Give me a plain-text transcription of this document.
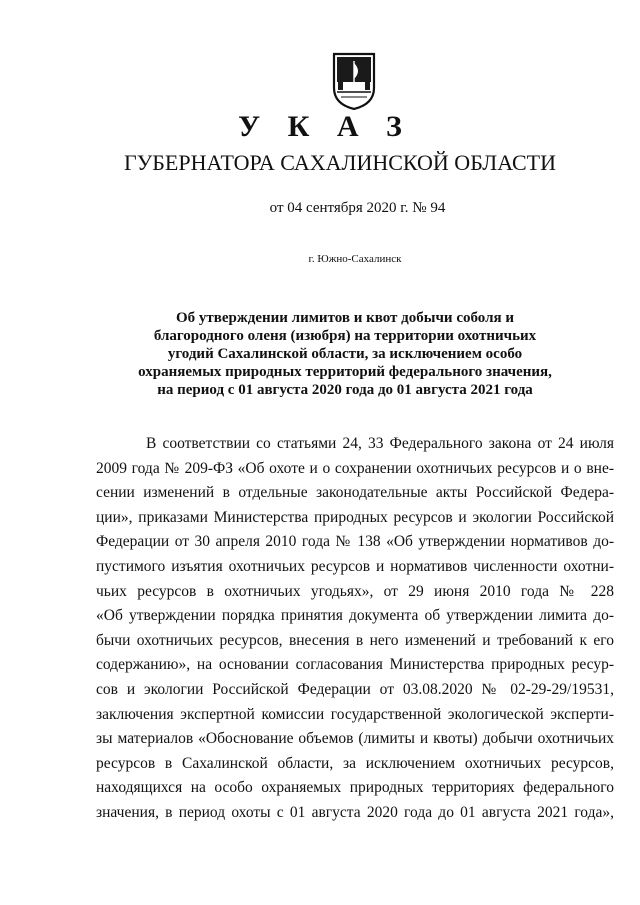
У К А З
ГУБЕРНАТОРА САХАЛИНСКОЙ ОБЛАСТИ
от 04 сентября 2020 г. № 94
г. Южно-Сахалинск
Об утверждении лимитов и квот добычи соболя и
благородного оленя (изюбря) на территории охотничьих
угодий Сахалинской области, за исключением особо
охраняемых природных территорий федерального значения,
на период с 01 августа 2020 года до 01 августа 2021 года
В соответствии со статьями 24, 33 Федерального закона от 24 июля
2009 года № 209-ФЗ «Об охоте и о сохранении охотничьих ресурсов и о вне-
сении изменений в отдельные законодательные акты Российской Федера-
ции», приказами Министерства природных ресурсов и экологии Российской
Федерации от 30 апреля 2010 года № 138 «Об утверждении нормативов до-
пустимого изъятия охотничьих ресурсов и нормативов численности охотни-
чьих ресурсов в охотничьих угодьях», от 29 июня 2010 года № 228
«Об утверждении порядка принятия документа об утверждении лимита до-
бычи охотничьих ресурсов, внесения в него изменений и требований к его
содержанию», на основании согласования Министерства природных ресур-
сов и экологии Российской Федерации от 03.08.2020 № 02-29-29/19531,
заключения экспертной комиссии государственной экологической эксперти-
зы материалов «Обоснование объемов (лимиты и квоты) добычи охотничьих
ресурсов в Сахалинской области, за исключением охотничьих ресурсов,
находящихся на особо охраняемых природных территориях федерального
значения, в период охоты с 01 августа 2020 года до 01 августа 2021 года»,
